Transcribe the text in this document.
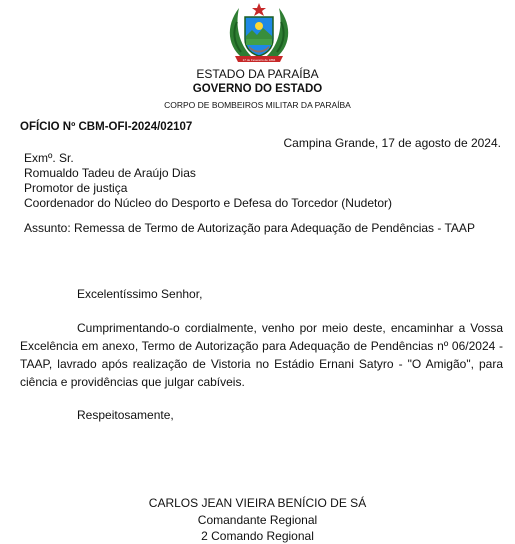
17 de Fevereiro de 1884
ESTADO DA PARAÍBA
GOVERNO DO ESTADO
CORPO DE BOMBEIROS MILITAR DA PARAÍBA
OFÍCIO Nº CBM-OFI-2024/02107
Campina Grande, 17 de agosto de 2024.
Exmº. Sr.
Romualdo Tadeu de Araújo Dias
Promotor de justiça
Coordenador do Núcleo do Desporto e Defesa do Torcedor (Nudetor)
Assunto: Remessa de Termo de Autorização para Adequação de Pendências - TAAP
Excelentíssimo Senhor,
Cumprimentando-o cordialmente, venho por meio deste, encaminhar a Vossa Excelência em anexo, Termo de Autorização para Adequação de Pendências nº 06/2024 - TAAP, lavrado após realização de Vistoria no Estádio Ernani Satyro - "O Amigão", para ciência e providências que julgar cabíveis.
Respeitosamente,
CARLOS JEAN VIEIRA BENÍCIO DE SÁ
Comandante Regional
2 Comando Regional
